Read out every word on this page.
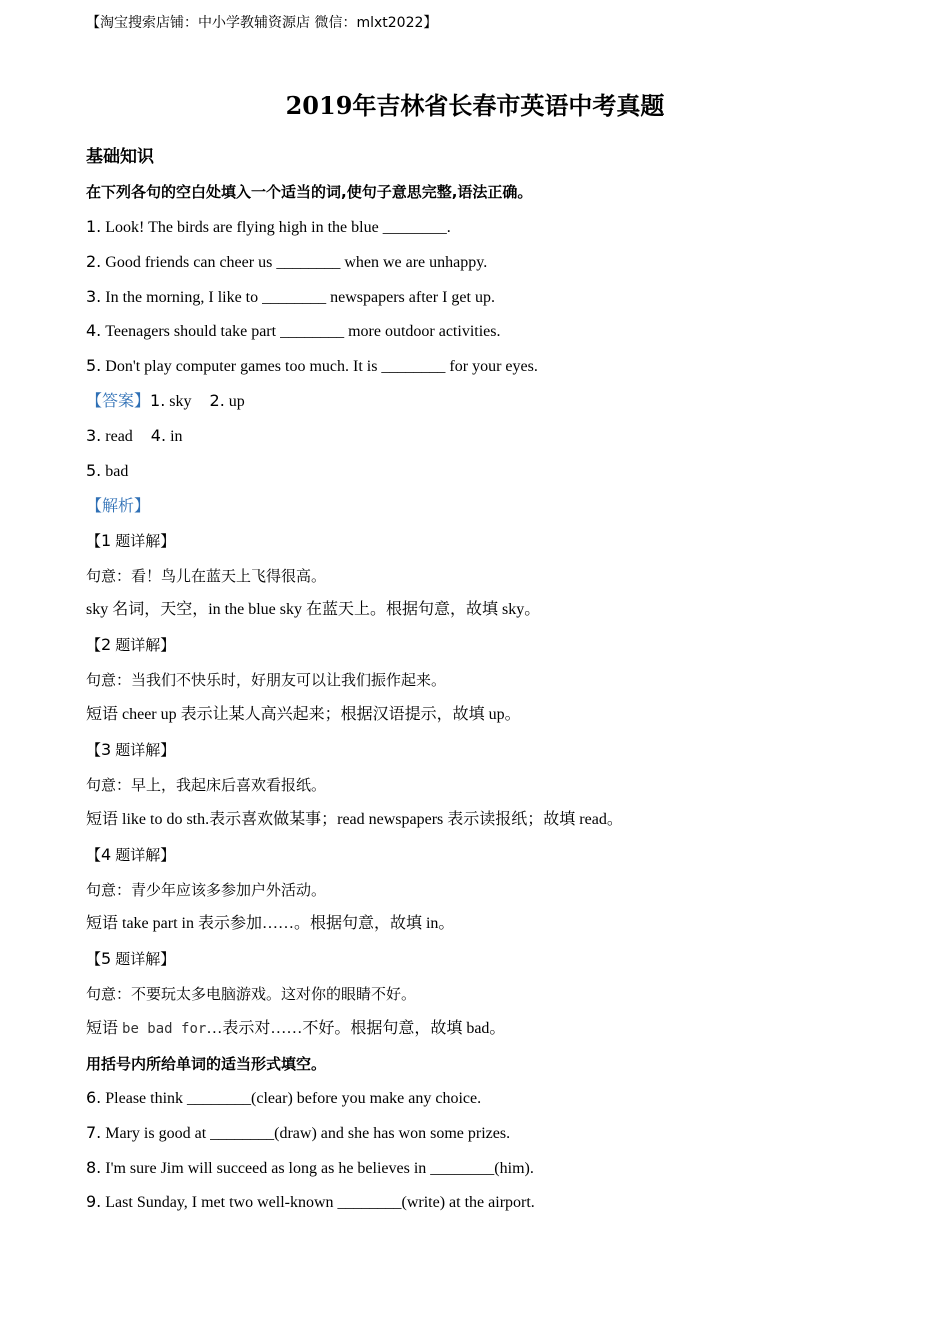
【淘宝搜索店铺：中小学教辅资源店 微信：mlxt2022】
2019年吉林省长春市英语中考真题
基础知识
在下列各句的空白处填入一个适当的词,使句子意思完整,语法正确。
1. Look! The birds are flying high in the blue ________.
2. Good friends can cheer us ________ when we are unhappy.
3. In the morning, I like to ________ newspapers after I get up.
4. Teenagers should take part ________ more outdoor activities.
5. Don't play computer games too much. It is ________ for your eyes.
【答案】1. sky 2. up
3. read 4. in
5. bad
【解析】
【1 题详解】
句意：看！鸟儿在蓝天上飞得很高。
sky 名词，天空，in the blue sky 在蓝天上。根据句意，故填 sky。
【2 题详解】
句意：当我们不快乐时，好朋友可以让我们振作起来。
短语 cheer up 表示让某人高兴起来；根据汉语提示，故填 up。
【3 题详解】
句意：早上，我起床后喜欢看报纸。
短语 like to do sth.表示喜欢做某事；read newspapers 表示读报纸；故填 read。
【4 题详解】
句意：青少年应该多参加户外活动。
短语 take part in 表示参加……。根据句意，故填 in。
【5 题详解】
句意：不要玩太多电脑游戏。这对你的眼睛不好。
短语 be bad for…表示对……不好。根据句意，故填 bad。
用括号内所给单词的适当形式填空。
6. Please think ________(clear) before you make any choice.
7. Mary is good at ________(draw) and she has won some prizes.
8. I'm sure Jim will succeed as long as he believes in ________(him).
9. Last Sunday, I met two well-known ________(write) at the airport.
